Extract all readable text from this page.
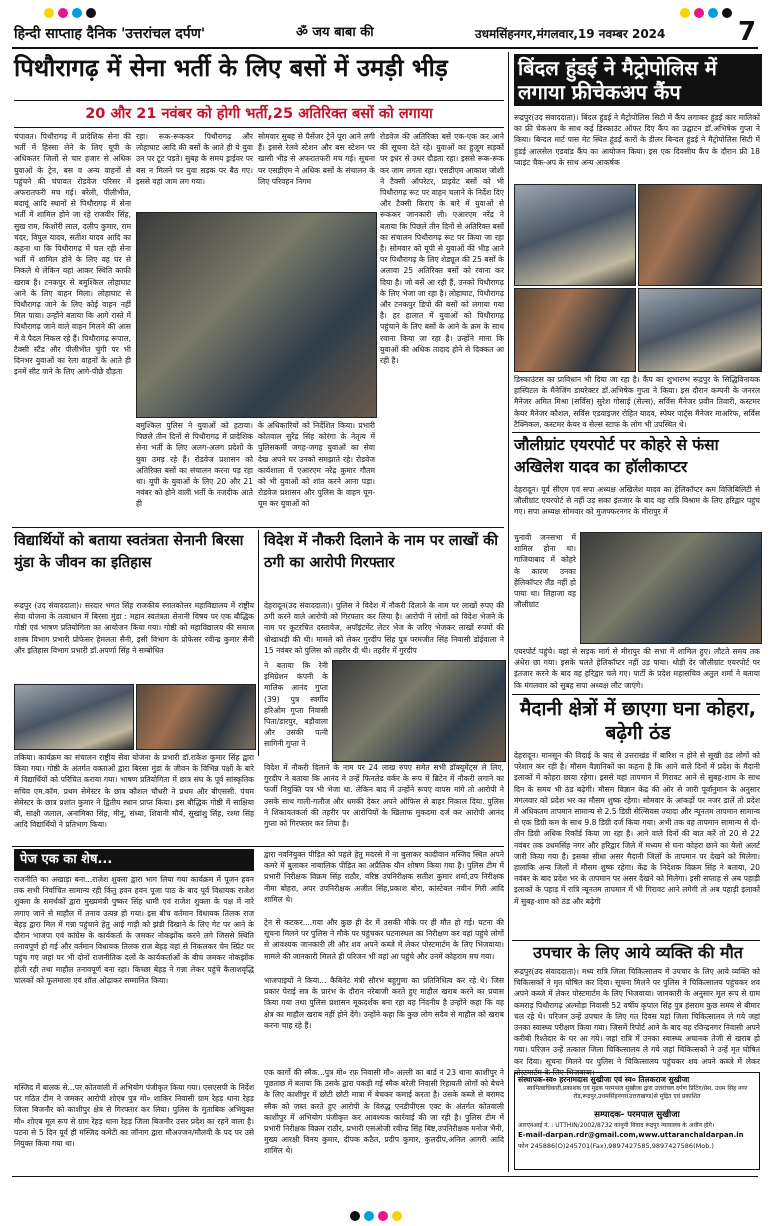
हिन्दी साप्ताह दैनिक 'उत्तरांचल दर्पण'	ॐ जय बाबा की	उधमसिंहनगर,मंगलवार,19 नवम्बर 2024	7
पिथौरागढ़ में सेना भर्ती के लिए बसों में उमड़ी भीड़
20 और 21 नवंबर को होगी भर्ती,25 अतिरिक्त बसों को लगाया
चंपावत। पिथौरागढ़ में प्रादेशिक सेना की भर्ती में हिस्सा लेने के लिए यूपी के अधिकतर जिलों से चार हजार से अधिक युवाओं के ट्रेन, बस व अन्य वाहनों से पहुंचने की चंपावत रोडवेज परिसर में अफरातफरी मच गई। बरेली, पीलीभीत, बदायूं आदि स्थानों से पिथौरागढ़ में सेना भर्ती में शामिल होने जा रहे राजवीर सिंह, सुख राम, किशोरी लाल, दलीप कुमार, राम चंदर, विपुल यादव, सतीश यादव आदि का कहना था कि पिथौरागढ़ में चल रही सेना भर्ती में शामिल होने के लिए वह घर से निकले थे लेकिन यहां आकर स्थिति काफी खराब है। टनकपुर से बमुश्किल लोहाघाट आने के लिए वाहन मिला। लोहाघाट से पिथौरागढ़ जाने के लिए कोई वाहन नहीं मिल पाया। उन्होंने बताया कि आगे रास्ते में पिथौरागढ़ जाने वाले वाहन मिलने की आस में वे पैदल निकल रहे हैं। पिथौरागढ़ रूपाल, टैक्सी स्टैंड और पीलीभीत चुंगी पर भी दिनभर युवाओं का रेला वाहनों के आते ही इनमें सीट पाने के लिए आगे-पीछे दौड़ता
रहा। रूक-रूककर पिथौरागढ़ और लोहाघाट आदि की बसों के आते ही ये युवा उन पर टूट पड़ते। सुबह के समय ड्राईवर पर बस न मिलने पर युवा सड़क पर बैठ गए। इससे वहां जाम लग गया।
सोमवार सुबह से पैसेंजर ट्रेनें पूरा आने लगी हैं। इससे रेलवे स्टेशन और बस स्टेशन पर खासी भीड़ से अफरातफरी मच गई। सूचना पर एसडीएम ने अधिक बसों के संचालन के लिए परिवहन निगम
रोडवेज की अतिरिक्त बसें एक-एक कर आने की सूचना देते रहे। युवाओं का हुजूम सड़कों पर इधर से उधर दौड़ता रहा। इससे रूक-रूक कर जाम लगता रहा। एसडीएम आकाश जोशी ने टैक्सी ऑपरेटर, प्राइवेट बसों को भी पिथौरागढ़ रूट पर वाहन चलाने के निर्देश दिए और टैक्सी किराए के बारे में युवाओं से रूककर जानकारी ली। एआरएम नरेंद्र ने बताया कि पिछले तीन दिनों से अतिरिक्त बसों का संचालन पिथौरागढ़ रूट पर किया जा रहा है। सोमवार को यूपी से युवाओं की भीड़ आने पर पिथौरागढ़ के लिए शेड्यूल की 25 बसों के अलावा 25 अतिरिक्त बसों को रवाना कर दिया है। जो बसें आ रही हैं, उनको पिथौरागढ़ के लिए भेजा जा रहा है। लोहाघाट, पिथौरागढ़ और टनकपुर डिपो की बसों को लगाया गया है। हर हालात में युवाओं को पिथौरागढ़ पहुंचाने के लिए बसों के आने के क्रम के साथ रवाना किया जा रहा है। उन्होंने माना कि युवाओं की अधिक तादाद होने से दिक्कत आ रही है।
बमुश्किल पुलिस ने युवाओं को हटाया। पिछले तीन दिनों से पिथौरागढ़ में प्रादेशिक सेना भर्ती के लिए अलग-अलग प्रदेशों के युवा उमड़ रहे हैं। रोडवेज प्रशासन को अतिरिक्त बसों का संचालन करना पड़ रहा था। यूपी के युवाओं के लिए 20 और 21 नवंबर को होने वाली भर्ती के नजदीक आते ही
के अधिकारियों को निर्देशित किया। प्रभारी कोतवाल सुरेंद्र सिंह कोरंगा के नेतृत्व में पुलिसकर्मी जगह-जगह युवाओं का सेवा देख अपने घर उनको समझाते रहे। रोडवेज कार्यशाला में एआरएम नरेंद्र कुमार गौतम को भी युवाओं को शांत करने आना पड़ा। रोडवेज प्रशासन और पुलिस के वाहन घूम-घूम कर युवाओं को
बिंदल हुंडई ने मैट्रोपोलिस में लगाया फ्रीचेकअप कैंप
रूद्रपुर(उद संवाददाता)। बिंदल हुंडई ने मैट्रोपोलिस सिटी में कैंप लगाकर हुंडई कार मालिकों का फ्री चेकअप के साथ कई डिस्काउंट ऑफर दिए कैंप का उद्घाटन डॉ.अभिषेक गुप्ता ने किया। बिन्दल मार्ट पास मेट स्थित हुंडई कारों के डीलर बिन्दल हुंडई ने मैट्रोपोलिस सिटी में हुंडई आलसेल एडवांड कैंप का आयोजन किया। इस एक दिवसीय कैंप के दौरान फ्री 18 प्वाइंट चैक-अप के साथ अन्य आकर्षक
डिस्काउंटस का प्राविधान भी दिया जा रहा है। कैंप का शुभारम्भ रूद्रपुर के सिद्धिविनायक हास्पिटल के मैनेजिंग डायरेक्टर डॉ.अभिषेक गुप्ता ने किया। इस दौरान कम्पनी के जनरल मैनेजर अमित मिश्रा (सर्विस) सुरेश गोसाई (सेल्स), सर्विस मैनेजर प्रवीन तिवारी, कस्टमर केयर मैनेजर कौशल, सर्विस एडवाइजर रोहित यादव, स्पेयर पार्ट्स मैनेजर माअरिफ, सर्विस टैक्निकल, कस्टमर केयर व सेल्स स्टाफ के लोग भी उपस्थित थे।
जौलीग्रांट एयरपोर्ट पर कोहरे से फंसा अखिलेश यादव का हॉलीकाप्टर
देहरादून। पूर्व सीएम एवं सपा अध्यक्ष अखिलेश यादव का हेलिकॉप्टर कम विजिबिलिटी से जौलीग्रांट एयरपोर्ट से नहीं उड़ सका इंतजार के बाद वह रात्रि विश्राम के लिए हरिद्वार पहुंच गए। सपा अध्यक्ष सोमवार को मुजफ्फरनगर के मीरापुर में
चुनावी जनसभा में शामिल होना था। गाजियाबाद में कोहरे के कारण उनका हेलिकॉप्टर लैंड नहीं हो पाया था। लिहाजा वह जौलीग्रांट
एयरपोर्ट पहुंचे। यहां से सड़क मार्ग से मीरापुर की सभा में शामिल हुए। लौटते समय तक अंधेरा छा गया। इसके चलते हेलिकॉप्टर नहीं उड़ पाया। थोड़ी देर जौलीग्रांट एयरपोर्ट पर इंतजार करने के बाद वह हरिद्वार चले गए। पार्टी के प्रदेश महासचिव अतुल शर्मा ने बताया कि मंगलवार को सुबह सपा अध्यक्ष लौट जाएंगे।
मैदानी क्षेत्रों में छाएगा घना कोहरा, बढ़ेगी ठंड
देहरादून। मानसून की विदाई के बाद से उत्तराखंड में बारिश न होने से सूखी ठंड लोगों को परेशान कर रही है। मौसम वैज्ञानिकों का कहना है कि आने वाले दिनों में प्रदेश के मैदानी इलाकों में कोहरा छाया रहेगा। इससे वहां तापमान में गिरावट आने से सुबह-शाम के साथ दिन के समय भी ठंड बढ़ेगी। मौसम विज्ञान केंद्र की ओर से जारी पूर्वानुमान के अनुसार मंगलवार को प्रदेश भर का मौसम शुष्क रहेगा। सोमवार के आंकड़ों पर नजर डालें तो प्रदेश में अधिकतम तापमान सामान्य से 2.5 डिग्री सेल्सियस ज्यादा और न्यूनतम तापमान सामान्य से एक डिग्री कम के साथ 9.8 डिग्री दर्ज किया गया। अभी तक वह तापमान सामान्य से दो-तीन डिग्री अधिक रिकॉर्ड किया जा रहा है। आने वाले दिनों की बात करें तो 20 से 22 नवंबर तक उधमसिंह नगर और हरिद्वार जिले में मध्यम से घना कोहरा छाने का येलो अलर्ट जारी किया गया है। इसका सीधा असर मैदानी जिलों के तापमान पर देखने को मिलेगा। हालांकि अन्य जिलों में मौसम शुष्क रहेगा। केंद्र के निदेशक विक्रम सिंह ने बताया, 20 नवंबर के बाद प्रदेश भर के तापमान पर असर देखने को मिलेगा। इसी सप्ताह से अब पहाड़ी इलाकों के पहाड़ में रात्रि न्यूनतम तापमान में भी गिरावट आने लगेगी तो अब पहाड़ी इलाकों में सुबह-शाम को ठंड और बढ़ेगी
उपचार के लिए आये व्यक्ति की मौत
रूद्रपुर(उद संवाददाता)। मध्य रात्रि जिला चिकित्सालय में उपचार के लिए आये व्यक्ति को चिकित्सकों ने मृत घोषित कर दिया। सूचना मिलने पर पुलिस ने चिकित्सालय पहुंचकर शव अपने कब्जे में लेकर पोस्टमार्टम के लिए भिजवाया। जानकारी के अनुसार मूल रूप से ग्राम कमराड़ पिथौरागढ़ अल्मोड़ा निवासी 52 वर्षीय कृपाल सिंह पुत्र हंसराम कुछ समय से बीमार चल रहे थे। परिजन उन्हें उपचार के लिए गत दिवस यहां जिला चिकित्सालय ले गये जहां उनका स्वास्थ्य परीक्षण किया गया। जिसमें रिपोर्ट आने के बाद वह रविन्द्रनगर निवासी अपने करीबी रिश्तेदार के घर आ गये। जहां रात्रि में उनका स्वास्थ्य अचानक तेजी से खराब हो गया। परिजन उन्हें तत्काल जिला चिकित्सालय ले गये जहां चिकित्सकों ने उन्हें मृत घोषित कर दिया। सूचना मिलने पर पुलिस ने चिकित्सालय पहुंचकर शव अपने कब्जे में लेकर पोस्टमार्टम के लिए भिजवाया।
संस्थापक-स्व० हरनामदास सुखीजा एवं स्व० तिलकराज सुखीजा
स्वामित्वाधिकारी,प्रकाशक एवं मुद्रक परमपाल सुखीजा द्वारा उत्तरांचल दर्पण प्रिंटिंग/प्रेस, उधम सिंह नगर रोड,रूद्रपुर,उधमसिंहनगर(उत्तराखण्ड)से मुद्रित एवं प्रकाशित
सम्पादक- परमपाल सुखीजा
आरएनआई नं. : UTTHIN/2002/8732 कानूनी विवाद रूद्रपुर न्यायालय के अधीन होंगे।
E-mail-darpan.rdr@gmail.com,www.uttaranchaldarpan.in
फोन 245886(O)245701(Fax),9897427585,9897427586(Mob.)
विद्यार्थियों को बताया स्वतंत्रता सेनानी बिरसा मुंडा के जीवन का इतिहास
रूद्रपुर (उद संवाददाता)। सरदार भगत सिंह राजकीय स्नातकोत्तर महाविद्यालय में राष्ट्रीय सेवा योजना के तत्वाधान में बिरसा मुंडा : महान स्वतंत्रता सेनानी विषय पर एक बौद्धिक गोष्ठी एवं भाषण प्रतियोगिता का आयोजन किया गया। गोष्ठी को महाविद्यालय की समाज शास्त्र विभाग प्रभारी प्रोफेसर हेमलता सैनी, इसी विभाग के प्रोफेसर रवीन्द्र कुमार सैनी और इतिहास विभाग प्रभारी डॉ.अपर्णा सिंह ने सम्बोधित
तकिया। कार्यक्रम का संचालन राष्ट्रीय सेवा योजना के प्रभारी डॉ.राकेश कुमार सिंह द्वारा किया गया। गोष्ठी के अंतर्गत वक्ताओं द्वारा बिरसा मुंडा के जीवन के विभिन्न पक्षों के बारे में विद्यार्थियों को परिचित कराया गया। भाषण प्रतियोगिता में छात्र संघ के पूर्व सांस्कृतिक सचिव एम.कॉम. प्रथम सेमेस्टर के छात्र कौशल चौधरी ने प्रथम और बीएससी. पंचम सेमेस्टर के छात्र प्रशांत कुमार ने द्वितीय स्थान प्राप्त किया। इस बौद्धिक गोष्ठी में साक्षिया बी, साक्षी जलाल, अनामिका सिंह, मीनू, संध्या, शिवानी मौर्य, सुखांशु सिंह, रश्मा सिंह आदि विद्यार्थियों ने प्रतिभाग किया।
विदेश में नौकरी दिलाने के नाम पर लाखों की ठगी का आरोपी गिरफ्तार
देहरादून(उद संवाददाता)। पुलिस ने विदेश में नौकरी दिलाने के नाम पर लाखों रुपए की ठगी करने वाले आरोपी को गिरफ्तार कर लिया है। आरोपी ने लोगों को विदेश भेजने के नाम पर कूटरचित दस्तावेज, अपॉइंटमेंट लेटर भेज के जरिए भेजकर लाखों रुपयों की धोखाधड़ी की थी। मामले को लेकर गुरदीप सिंह पुत्र परमजीत सिंह निवासी डोईवाला ने 15 नवंबर को पुलिस को तहरीर दी थी। तहरीर में गुरदीप
ने बताया कि रेनी इमिग्रेशन कंपनी के मालिक आनंद गुप्ता (39) पुत्र स्वर्गीय हरिओम गुप्ता निवासी पिता/डारपुर, बड़ौवाला और उसकी पत्नी सागिनी गुप्ता ने
विदेश में नौकरी दिलाने के नाम पर 24 लाख रुपए समेत सभी डॉक्यूमेंट्स ले लिए, गुरदीप ने बताया कि आनंद ने उन्हें फिनलेड वर्कर के रूप में ब्रिटेन में नौकरी लगाने का फर्जी नियुक्ति पत्र भी भेजा था. लेकिन बाद में उन्होंने रूपए वापस मांगे तो आरोपी ने उसके साथ गाली-गलौज और धमकी देकर अपने ऑफिस से बाहर निकाल दिया. पुलिस ने शिकायतकर्ता की तहरीर पर आरोपियों के खिलाफ मुकदमा दर्ज कर आरोपी आनंद गुप्ता को गिरफ्तार कर लिया है।
पेज एक का शेष...
राजनीति का अखाड़ा बना...राजेश शुक्ला द्वारा भाग लिया गया कार्यक्रम में पूजन हवन तक सभी निर्वाचित सामान्य रही किंतु हवन हवन पूजा पाठ के बाद पूर्व विधायक राजेश शुक्ला के समर्थकों द्वारा मुख्यमंत्री पुष्कर सिंह धामी एवं राजेश शुक्ला के पक्ष में नारे लगाए जाने से माहौल में तनाव उत्पन्न हो गया। इस बीच वर्तमान विधायक तिलक राज बेहड़ द्वारा मिल में गन्ना पहुंचाने हेतु आई गाड़ी को झंडी दिखाने के लिए गेट पर आने के दौरान भाजपा एवं कांग्रेस के कार्यकर्ता के जमकर नोकझोंक करने लगे जिससे स्थिति तनावपूर्ण हो गई और वर्तमान विधायक तिलक राज बेहड़ वहां से निकलकर चेन स्प्रिंट पर पहुंच गए जहां पर भी दोनों राजनीतिक दलों के कार्यकर्ताओं के बीच जमकर नोकझोंक होती रही तथा माहौल तनावपूर्ण बना रहा। किच्छा बेहड़ ने गन्ना लेकर पहुंचे कैलाशवृद्धि चालकों को फूलमाला एवं शॉल ओढ़ाकर सम्मानित किया।
मस्जिद में बालक से...पर कोतवाली में अभियोग पंजीकृत किया गया। एसएसपी के निर्देश पर गठित टीम ने जमकर आरोपी शोएब पुत्र मो० शाकिर निवासी ग्राम रेहड़ थाना रेहड़ जिला बिजनौर को काशीपुर क्षेत्र से गिरफ्तार कर लिया। पुलिस के मुताबिक अभियुक्त मौ० शोएब मूल रूप से ग्राम रेहड़ थाना रेहड़ जिला बिजनौर उत्तर प्रदेश का रहने वाला है। पटना से 5 दिन पूर्व ही मस्जिद कमेटी का जॉनाग द्वारा मौअज्जन/मौलवी के पद पर उसे नियुक्त किया गया था।
द्वारा नवनियुक्त पीड़ित को पहले हेतु मदरसे में ना बुलाकर कादीवान मस्जिद स्थित अपने कमरे में बुलाकर नाबालिक पीड़ित का अप्रैतिक यौन शोषण किया गया है। पुलिस टीम में प्रभारी निरीक्षक विक्रम सिंह राठौर, वरिष्ठ उपनिरीक्षक सतीश कुमार शर्मा,उप निरीक्षक नीमा बोहरा, अपर उपनिरीक्षक अजीत सिंह,प्रकाश बोरा, कांस्टेबल नवीन गिरी आदि शामिल थे।
ट्रेन से कटकर....गया और कुछ ही देर में उसकी मौके पर ही मौत हो गई। घटना की सूचना मिलने पर पुलिस ने मौके पर पहुंचकर घटनास्थल का निरीक्षण कर वहां पहुंचे लोगों से आवश्यक जानकारी ली और शव अपने कब्जे में लेकर पोस्टमार्टम के लिए भिजवाया। मामले की जानकारी मिलते ही परिजन भी वहां आ पहुंचे और उनमें कोहराम मच गया।
भाजपाइयों ने किया... कैबिनेट मंत्री सौरभ बहुगुणा का प्रतिनिधित्व कर रहे थे। जिस प्रकार पेराई सत्र के प्रारंभ के दौरान नरेबाजी करते हुए माहौल खराब करने का प्रयास किया गया तथा पुलिस प्रशासन मूकदर्शक बना रहा वह निंदनीय है उन्होंने कहा कि वह क्षेत्र का माहौल खराब नहीं होने देंगे। उन्होंने कहा कि कुछ लोग सदैव से माहौल को खराब करना चाह रहे हैं।
एक कार्गो की स्मैक...पुत्र मो० रफ़ निवासी मौ० अल्ली का बार्ड नं 23 थाना काशीपुर ने पूछताछ में बताया कि उसके द्वारा पकड़ी गई स्मैक बरेली निवासी रिहायती लोगों को बेचने के लिए काशीपुर में छोटी छोटी मात्रा में बेचकर कमाई करता है। उसके कब्जे से बरामद स्मैक को जब्त करते हुए आरोपी के विरुद्ध एनडीपीएस एक्ट के अंतर्गत कोतवाली काशीपुर में अभियोग पंजीकृत कर आवश्यक कार्रवाई की जा रही है। पुलिस टीम में प्रभारी निरीक्षक विक्रम राठौर, प्रभारी एसओजी रवीन्द्र सिंह बिष्ट,उपनिरीक्षक मनोज भैनी, मुख्य आरक्षी विनय कुमार, दीपक कठैत, प्रदीप कुमार, कुलदीप,अनिल आगरी आदि शामिल थे।
